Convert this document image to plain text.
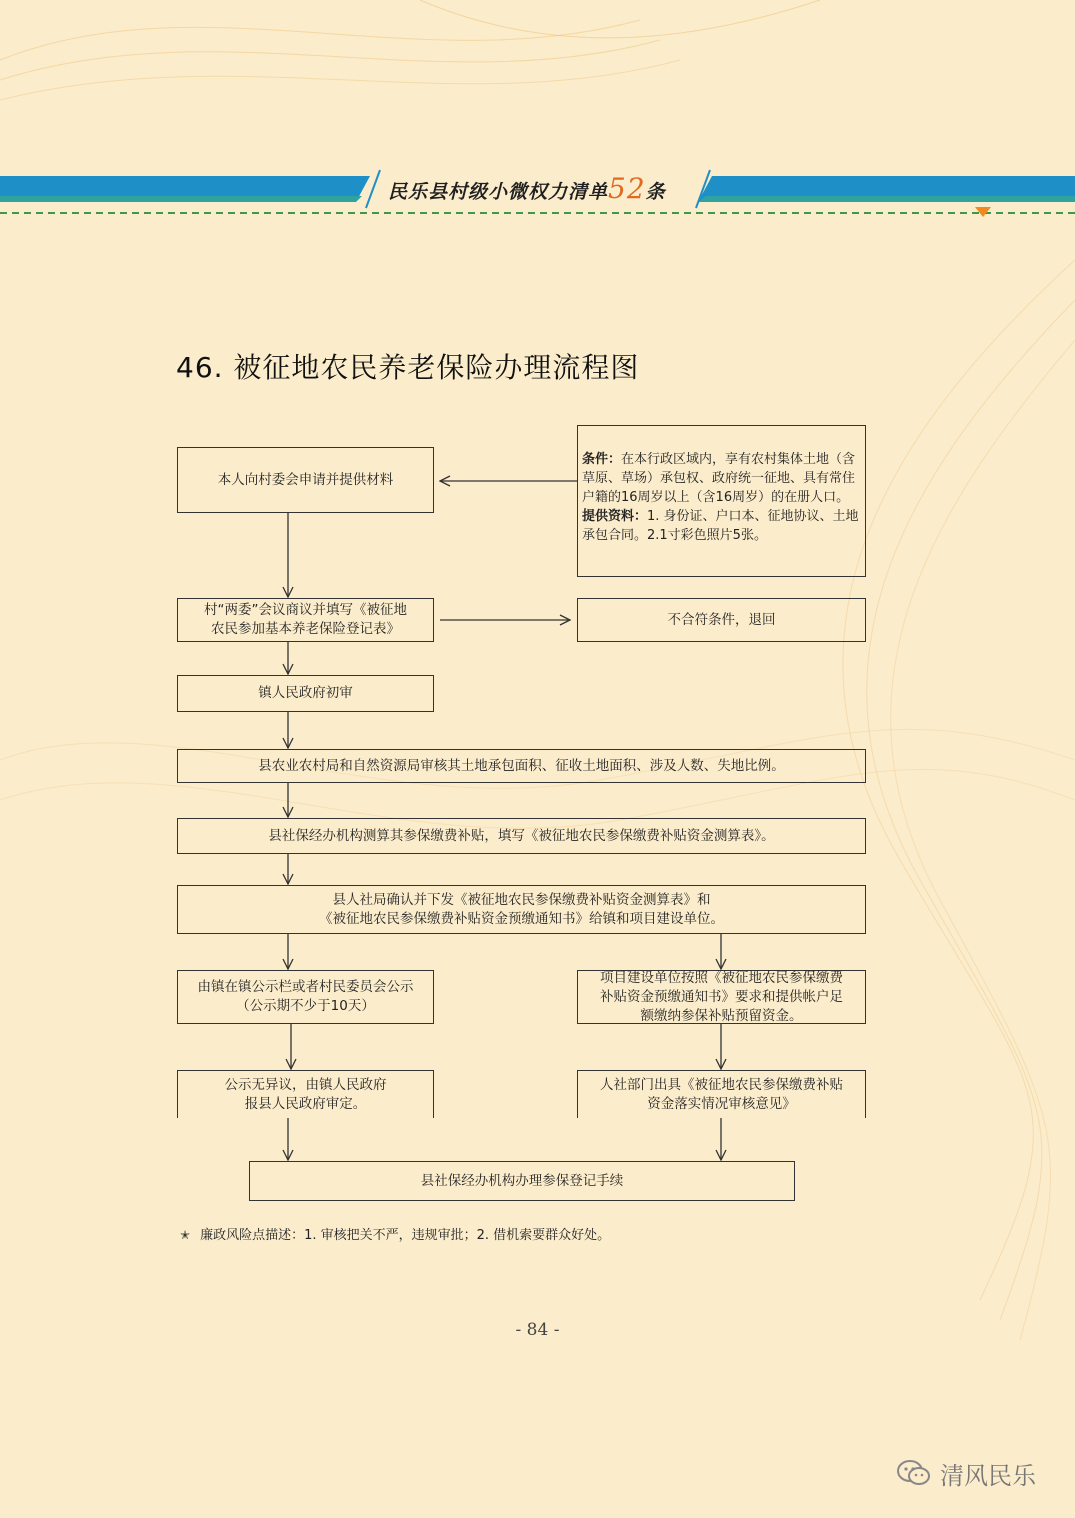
民乐县村级小微权力清单52条
46. 被征地农民养老保险办理流程图
本人向村委会申请并提供材料
条件：在本行政区域内，享有农村集体土地（含草原、草场）承包权、政府统一征地、具有常住户籍的16周岁以上（含16周岁）的在册人口。
提供资料：1. 身份证、户口本、征地协议、土地承包合同。2.1寸彩色照片5张。
村“两委”会议商议并填写《被征地
农民参加基本养老保险登记表》
不合符条件，退回
镇人民政府初审
县农业农村局和自然资源局审核其土地承包面积、征收土地面积、涉及人数、失地比例。
县社保经办机构测算其参保缴费补贴，填写《被征地农民参保缴费补贴资金测算表》。
县人社局确认并下发《被征地农民参保缴费补贴资金测算表》和
《被征地农民参保缴费补贴资金预缴通知书》给镇和项目建设单位。
由镇在镇公示栏或者村民委员会公示
（公示期不少于10天）
项目建设单位按照《被征地农民参保缴费
补贴资金预缴通知书》要求和提供帐户足
额缴纳参保补贴预留资金。
公示无异议，由镇人民政府
报县人民政府审定。
人社部门出具《被征地农民参保缴费补贴
资金落实情况审核意见》
县社保经办机构办理参保登记手续
✭ 廉政风险点描述：1. 审核把关不严，违规审批；2. 借机索要群众好处。
- 84 -
清风民乐
